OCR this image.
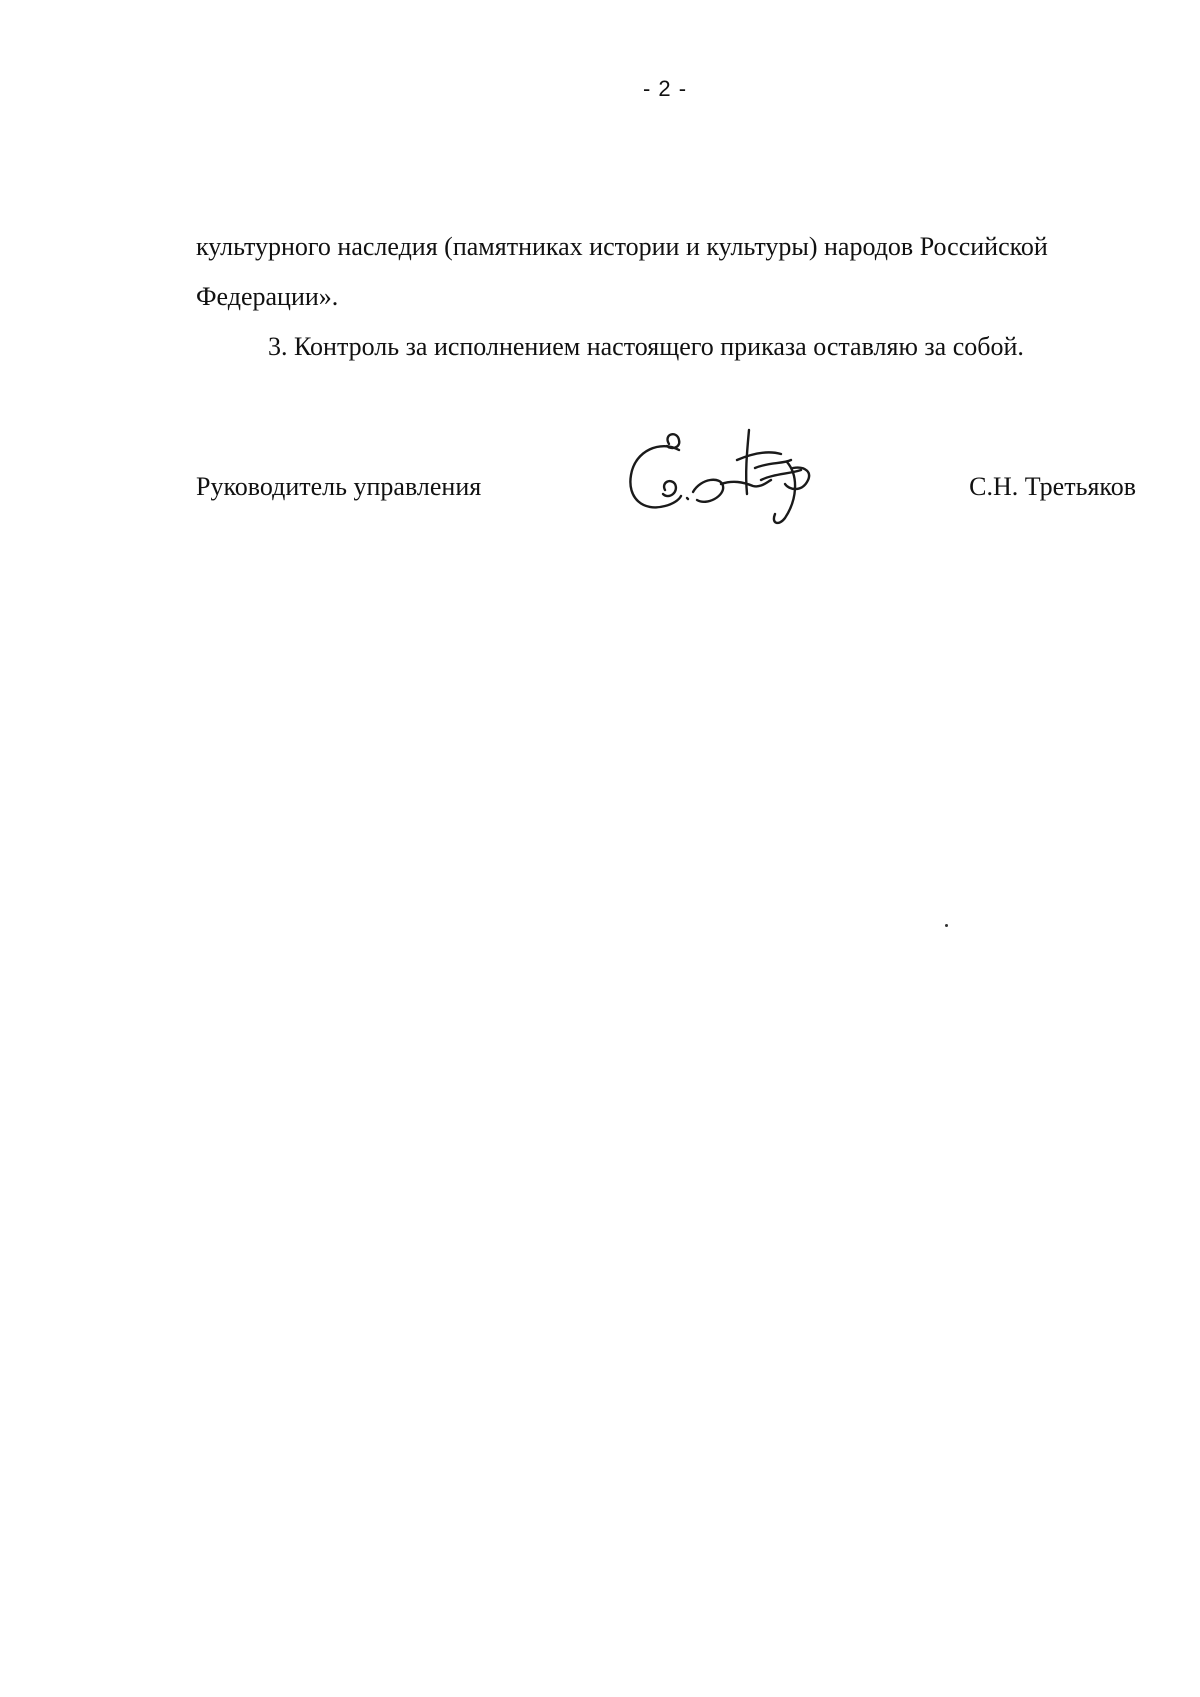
- 2 -
культурного наследия (памятниках истории и культуры) народов Российской
Федерации».
3. Контроль за исполнением настоящего приказа оставляю за собой.
Руководитель управления	С.Н. Третьяков
